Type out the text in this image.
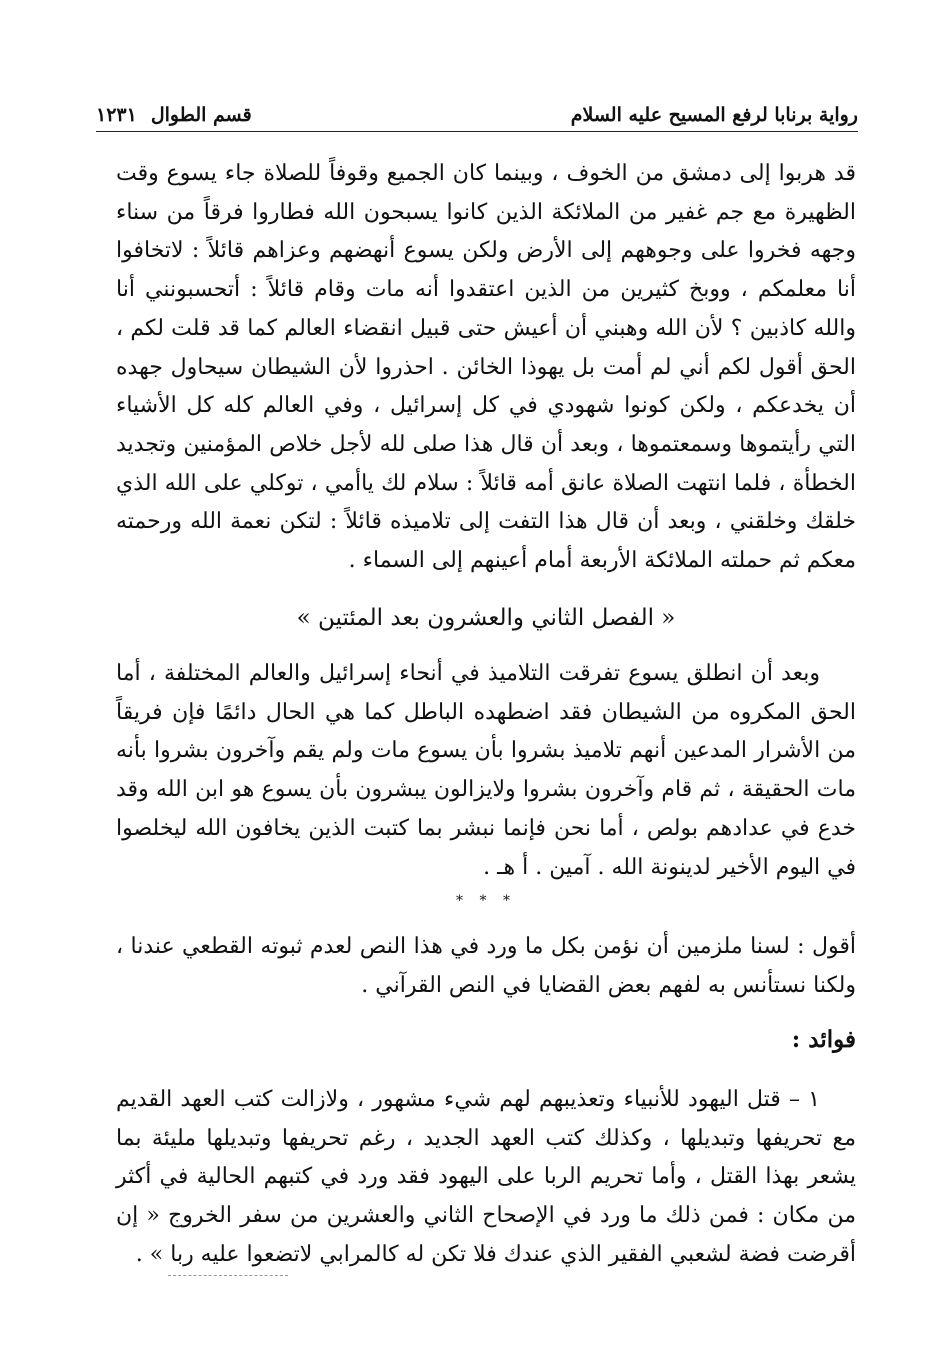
رواية برنابا لرفع المسيح عليه السلام
قسم الطوال
١٢٣١
قد هربوا إلى دمشق من الخوف ، وبينما كان الجميع وقوفاً للصلاة جاء يسوع وقت الظهيرة مع جم غفير من الملائكة الذين كانوا يسبحون الله فطاروا فرقاً من سناء وجهه فخروا على وجوههم إلى الأرض ولكن يسوع أنهضهم وعزاهم قائلاً : لاتخافوا أنا معلمكم ، ووبخ كثيرين من الذين اعتقدوا أنه مات وقام قائلاً : أتحسبونني أنا والله كاذبين ؟ لأن الله وهبني أن أعيش حتى قبيل انقضاء العالم كما قد قلت لكم ، الحق أقول لكم أني لم أمت بل يهوذا الخائن . احذروا لأن الشيطان سيحاول جهده أن يخدعكم ، ولكن كونوا شهودي في كل إسرائيل ، وفي العالم كله كل الأشياء التي رأيتموها وسمعتموها ، وبعد أن قال هذا صلى لله لأجل خلاص المؤمنين وتجديد الخطأة ، فلما انتهت الصلاة عانق أمه قائلاً : سلام لك ياأمي ، توكلي على الله الذي خلقك وخلقني ، وبعد أن قال هذا التفت إلى تلاميذه قائلاً : لتكن نعمة الله ورحمته معكم ثم حملته الملائكة الأربعة أمام أعينهم إلى السماء .
« الفصل الثاني والعشرون بعد المئتين »
وبعد أن انطلق يسوع تفرقت التلاميذ في أنحاء إسرائيل والعالم المختلفة ، أما الحق المكروه من الشيطان فقد اضطهده الباطل كما هي الحال دائمًا فإن فريقاً من الأشرار المدعين أنهم تلاميذ بشروا بأن يسوع مات ولم يقم وآخرون بشروا بأنه مات الحقيقة ، ثم قام وآخرون بشروا ولايزالون يبشرون بأن يسوع هو ابن الله وقد خدع في عدادهم بولص ، أما نحن فإنما نبشر بما كتبت الذين يخافون الله ليخلصوا في اليوم الأخير لدينونة الله . آمين . أ هـ .
* * *
أقول : لسنا ملزمين أن نؤمن بكل ما ورد في هذا النص لعدم ثبوته القطعي عندنا ، ولكنا نستأنس به لفهم بعض القضايا في النص القرآني .
فوائد :
١ – قتل اليهود للأنبياء وتعذيبهم لهم شيء مشهور ، ولازالت كتب العهد القديم مع تحريفها وتبديلها ، وكذلك كتب العهد الجديد ، رغم تحريفها وتبديلها مليئة بما يشعر بهذا القتل ، وأما تحريم الربا على اليهود فقد ورد في كتبهم الحالية في أكثر من مكان : فمن ذلك ما ورد في الإصحاح الثاني والعشرين من سفر الخروج « إن أقرضت فضة لشعبي الفقير الذي عندك فلا تكن له كالمرابي لاتضعوا عليه ربا » .
